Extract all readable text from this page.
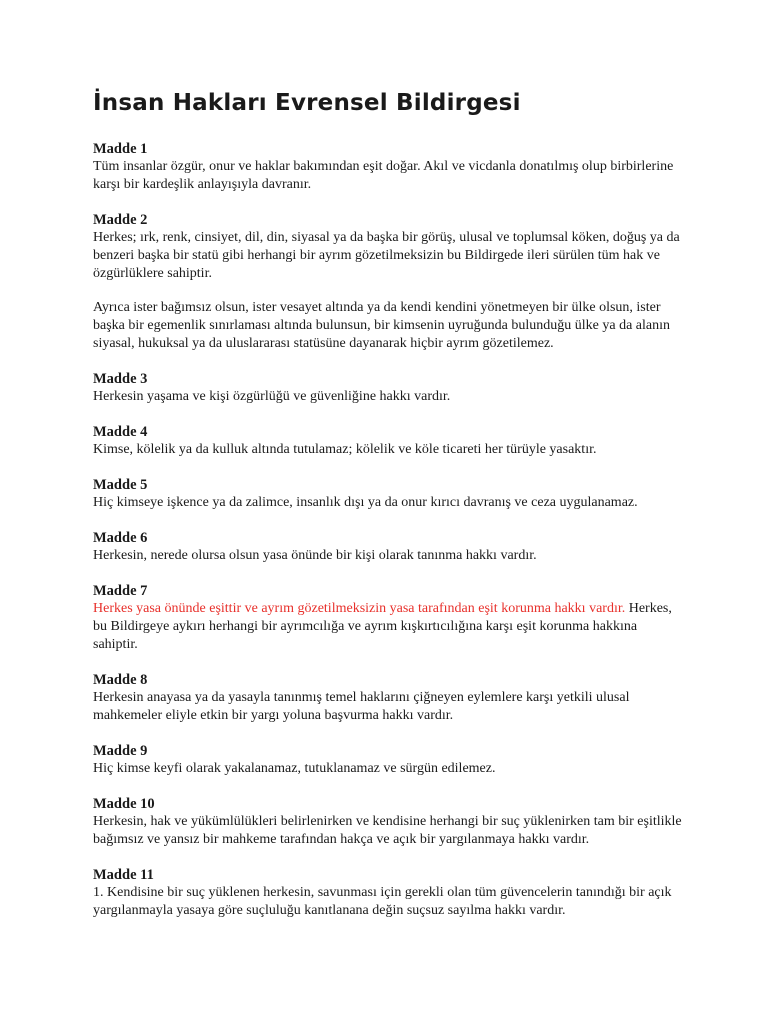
İnsan Hakları Evrensel Bildirgesi

Madde 1

Tüm insanlar özgür, onur ve haklar bakımından eşit doğar. Akıl ve vicdanla donatılmış olup birbirlerine karşı bir kardeşlik anlayışıyla davranır.

Madde 2

Herkes; ırk, renk, cinsiyet, dil, din, siyasal ya da başka bir görüş, ulusal ve toplumsal köken, doğuş ya da benzeri başka bir statü gibi herhangi bir ayrım gözetilmeksizin bu Bildirgede ileri sürülen tüm hak ve özgürlüklere sahiptir.

Ayrıca ister bağımsız olsun, ister vesayet altında ya da kendi kendini yönetmeyen bir ülke olsun, ister başka bir egemenlik sınırlaması altında bulunsun, bir kimsenin uyruğunda bulunduğu ülke ya da alanın siyasal, hukuksal ya da uluslararası statüsüne dayanarak hiçbir ayrım gözetilemez.

Madde 3

Herkesin yaşama ve kişi özgürlüğü ve güvenliğine hakkı vardır.

Madde 4

Kimse, kölelik ya da kulluk altında tutulamaz; kölelik ve köle ticareti her türüyle yasaktır.

Madde 5

Hiç kimseye işkence ya da zalimce, insanlık dışı ya da onur kırıcı davranış ve ceza uygulanamaz.

Madde 6

Herkesin, nerede olursa olsun yasa önünde bir kişi olarak tanınma hakkı vardır.

Madde 7

Herkes yasa önünde eşittir ve ayrım gözetilmeksizin yasa tarafından eşit korunma hakkı vardır. Herkes, bu Bildirgeye aykırı herhangi bir ayrımcılığa ve ayrım kışkırtıcılığına karşı eşit korunma hakkına sahiptir.

Madde 8

Herkesin anayasa ya da yasayla tanınmış temel haklarını çiğneyen eylemlere karşı yetkili ulusal mahkemeler eliyle etkin bir yargı yoluna başvurma hakkı vardır.

Madde 9

Hiç kimse keyfi olarak yakalanamaz, tutuklanamaz ve sürgün edilemez.

Madde 10

Herkesin, hak ve yükümlülükleri belirlenirken ve kendisine herhangi bir suç yüklenirken tam bir eşitlikle bağımsız ve yansız bir mahkeme tarafından hakça ve açık bir yargılanmaya hakkı vardır.

Madde 11

1. Kendisine bir suç yüklenen herkesin, savunması için gerekli olan tüm güvencelerin tanındığı bir açık yargılanmayla yasaya göre suçluluğu kanıtlanana değin suçsuz sayılma hakkı vardır.
